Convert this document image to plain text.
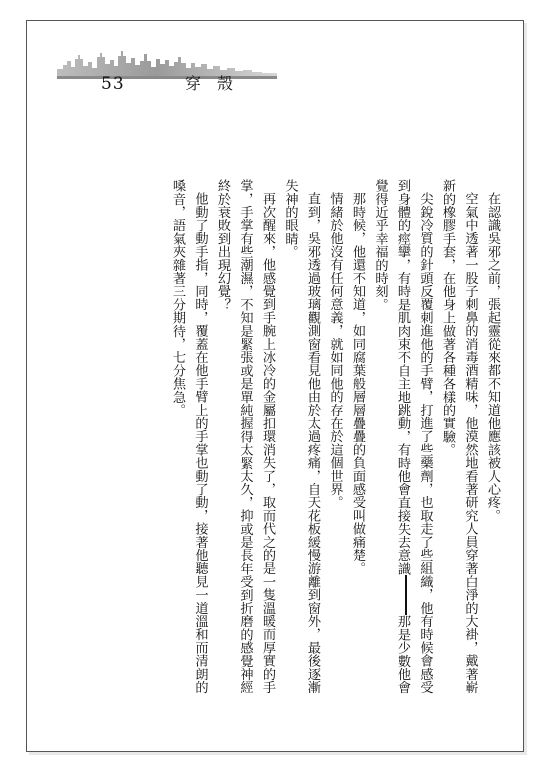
53	穿殼

在認識吳邪之前，張起靈從來都不知道他應該被人心疼。

空氣中透著一股子刺鼻的消毒酒精味，他漠然地看著研究人員穿著白淨的大褂，戴著嶄新的橡膠手套，在他身上做著各種各樣的實驗。

尖銳冷質的針頭反覆刺進他的手臂，打進了些藥劑，也取走了些組織，他有時候會感受到身體的痙攣，有時是肌肉束不自主地跳動，有時他會直接失去意識那是少數他會覺得近乎幸福的時刻。

那時候，他還不知道，如同腐葉般層層疊疊的負面感受叫做痛楚。

情緒於他沒有任何意義，就如同他的存在於這個世界。

直到，吳邪透過玻璃觀測窗看見他由於太過疼痛，自天花板緩慢游離到窗外，最後逐漸失神的眼睛。

再次醒來，他感覺到手腕上冰冷的金屬扣環消失了，取而代之的是一隻溫暖而厚實的手掌，手掌有些潮濕，不知是緊張或是單純握得太緊太久，抑或是長年受到折磨的感覺神經終於衰敗到出現幻覺？

他動了動手指，同時，覆蓋在他手臂上的手掌也動了動，接著他聽見一道溫和而清朗的嗓音，語氣夾雜著三分期待，七分焦急。
